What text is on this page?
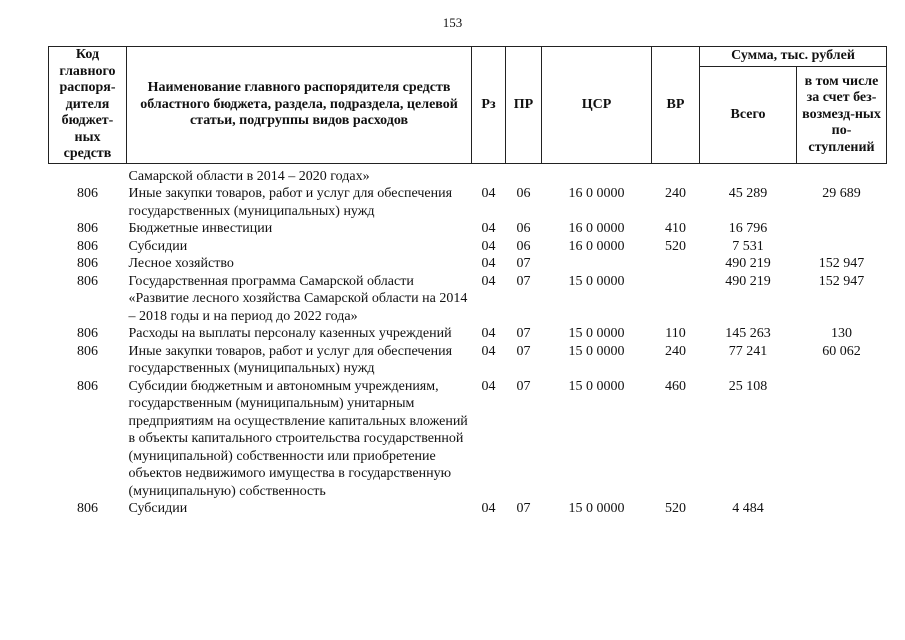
153
Код главного распоря-дителя бюджет-ных средств	Наименование главного распорядителя средств областного бюджета, раздела, подраздела, целевой статьи, подгруппы видов расходов	Рз	ПР	ЦСР	ВР	Сумма, тыс. рублей	
						Всего	в том числе за счет без-возмезд-ных по-ступлений

	Самарской области в 2014 – 2020 годах»						
806	Иные закупки товаров, работ и услуг для обеспечения государственных (муниципальных) нужд	04	06	16 0 0000	240	45 289	29 689
806	Бюджетные инвестиции	04	06	16 0 0000	410	16 796	
806	Субсидии	04	06	16 0 0000	520	7 531	
806	Лесное хозяйство	04	07			490 219	152 947
806	Государственная программа Самарской области «Развитие лесного хозяйства Самарской области на 2014 – 2018 годы и на период до 2022 года»	04	07	15 0 0000		490 219	152 947
806	Расходы на выплаты персоналу казенных учреждений	04	07	15 0 0000	110	145 263	130
806	Иные закупки товаров, работ и услуг для обеспечения государственных (муниципальных) нужд	04	07	15 0 0000	240	77 241	60 062
806	Субсидии бюджетным и автономным учреждениям, государственным (муниципальным) унитарным предприятиям на осуществление капитальных вложений в объекты капитального строительства государственной (муниципальной) собственности или приобретение объектов недвижимого имущества в государственную (муниципальную) собственность	04	07	15 0 0000	460	25 108	
806	Субсидии	04	07	15 0 0000	520	4 484	
